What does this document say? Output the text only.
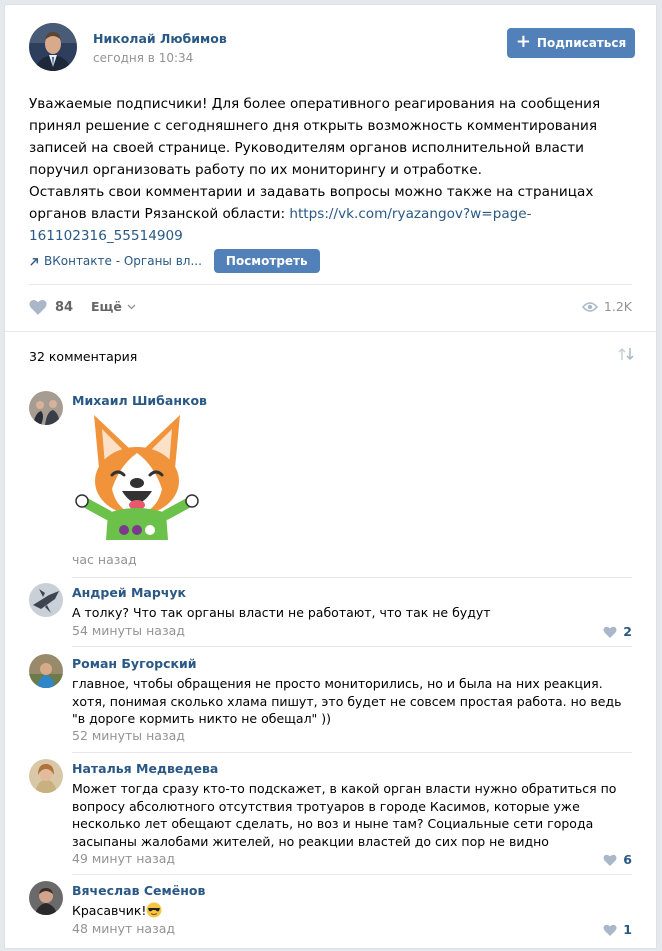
Николай Любимов
сегодня в 10:34
+ Подписаться

Уважаемые подписчики! Для более оперативного реагирования на сообщения принял решение с сегодняшнего дня открыть возможность комментирования записей на своей странице. Руководителям органов исполнительной власти поручил организовать работу по их мониторингу и отработке.

Оставлять свои комментарии и задавать вопросы можно также на страницах органов власти Рязанской области: https://vk.com/ryazangov?w=page-161102316_55514909

ВКонтакте - Органы вл...	Посмотреть
84 Ещё	1.2K
32 комментария
Михаил Шибанков
час назад
Андрей Марчук
А толку? Что так органы власти не работают, что так не будут
54 минуты назад	2
Роман Бугорский
главное, чтобы обращения не просто мониторились, но и была на них реакция. хотя, понимая сколько хлама пишут, это будет не совсем простая работа. но ведь "в дороге кормить никто не обещал" ))
52 минуты назад
Наталья Медведева
Может тогда сразу кто-то подскажет, в какой орган власти нужно обратиться по вопросу абсолютного отсутствия тротуаров в городе Касимов, которые уже несколько лет обещают сделать, но воз и ныне там? Социальные сети города засыпаны жалобами жителей, но реакции властей до сих пор не видно
49 минут назад	6
Вячеслав Семёнов
Красавчик!
48 минут назад	1
